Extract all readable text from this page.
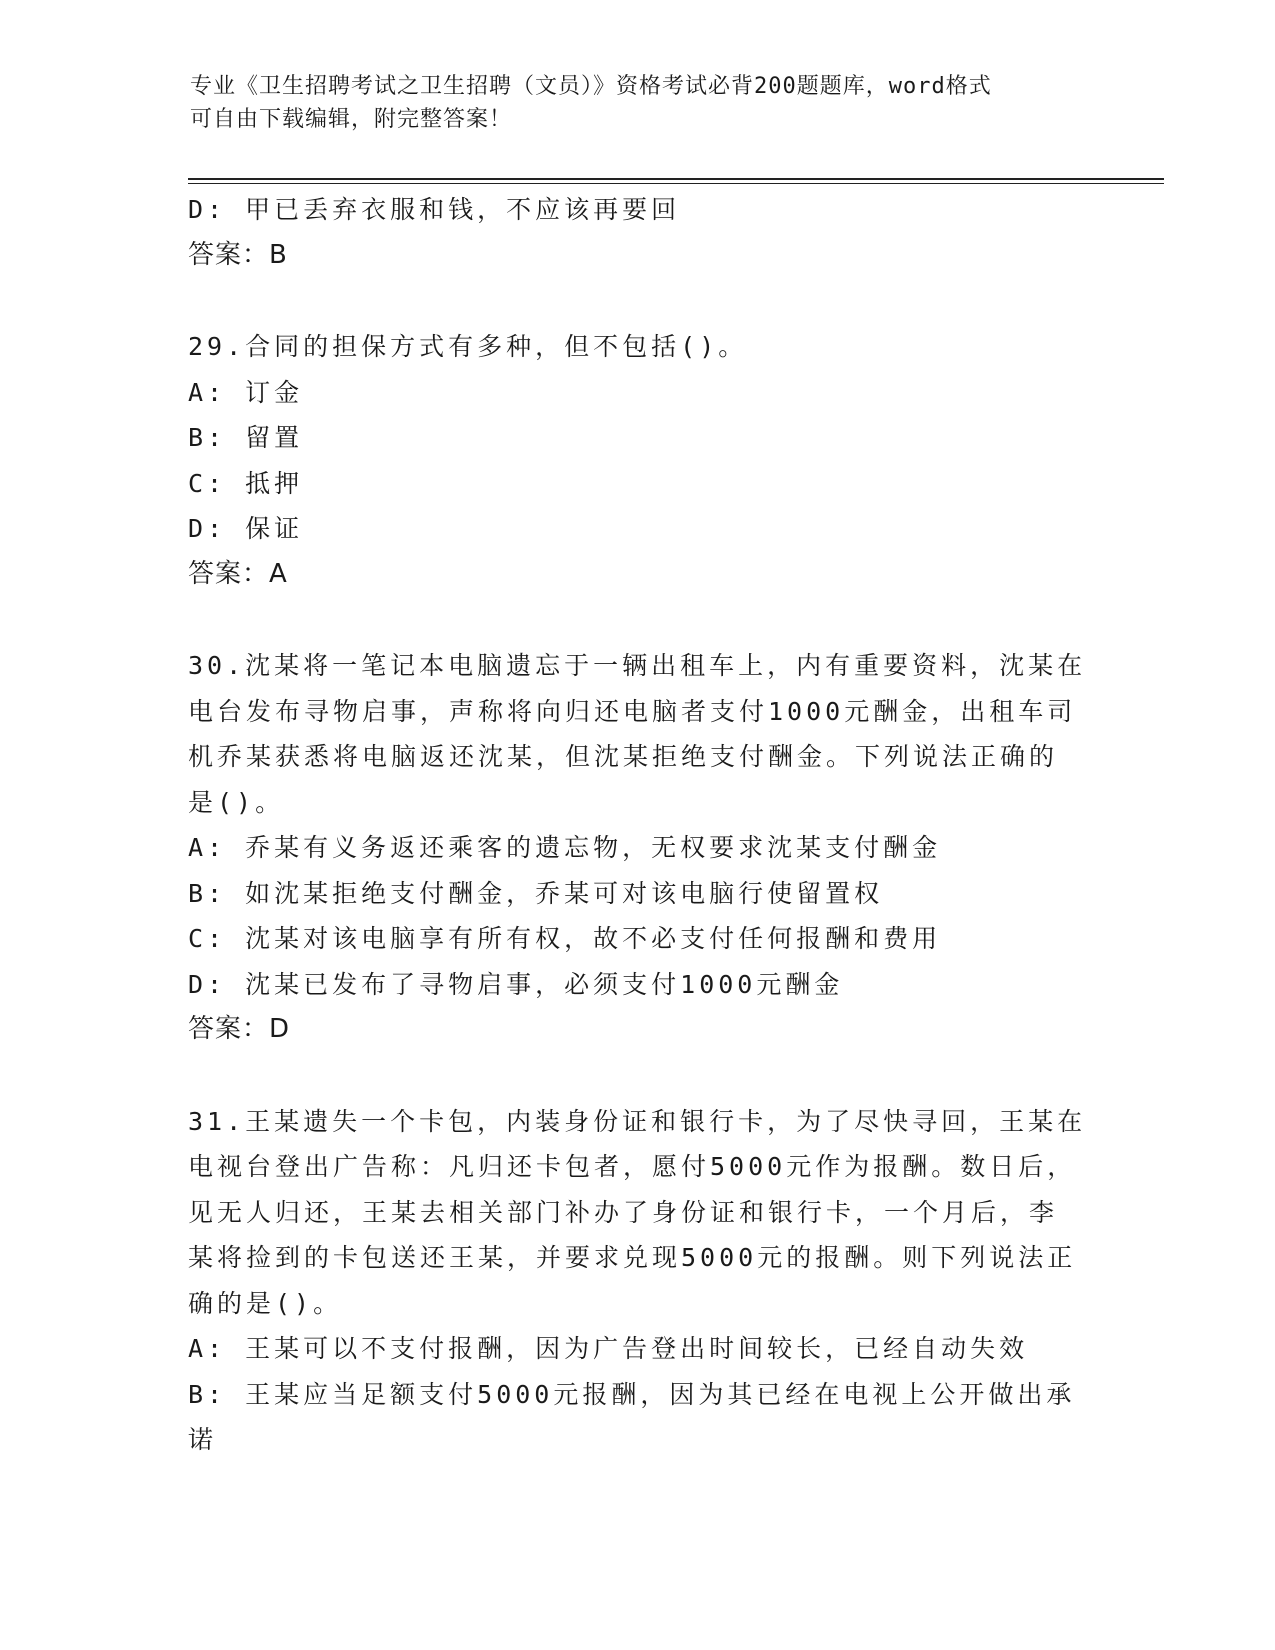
专业《卫生招聘考试之卫生招聘（文员）》资格考试必背200题题库，word格式
可自由下载编辑，附完整答案！
D: 甲已丢弃衣服和钱，不应该再要回
答案：B
29.合同的担保方式有多种，但不包括()。
A: 订金
B: 留置
C: 抵押
D: 保证
答案：A
30.沈某将一笔记本电脑遗忘于一辆出租车上，内有重要资料，沈某在
电台发布寻物启事，声称将向归还电脑者支付1000元酬金，出租车司
机乔某获悉将电脑返还沈某，但沈某拒绝支付酬金。下列说法正确的
是()。
A: 乔某有义务返还乘客的遗忘物，无权要求沈某支付酬金
B: 如沈某拒绝支付酬金，乔某可对该电脑行使留置权
C: 沈某对该电脑享有所有权，故不必支付任何报酬和费用
D: 沈某已发布了寻物启事，必须支付1000元酬金
答案：D
31.王某遗失一个卡包，内装身份证和银行卡，为了尽快寻回，王某在
电视台登出广告称：凡归还卡包者，愿付5000元作为报酬。数日后，
见无人归还，王某去相关部门补办了身份证和银行卡，一个月后，李
某将捡到的卡包送还王某，并要求兑现5000元的报酬。则下列说法正
确的是()。
A: 王某可以不支付报酬，因为广告登出时间较长，已经自动失效
B: 王某应当足额支付5000元报酬，因为其已经在电视上公开做出承
诺
